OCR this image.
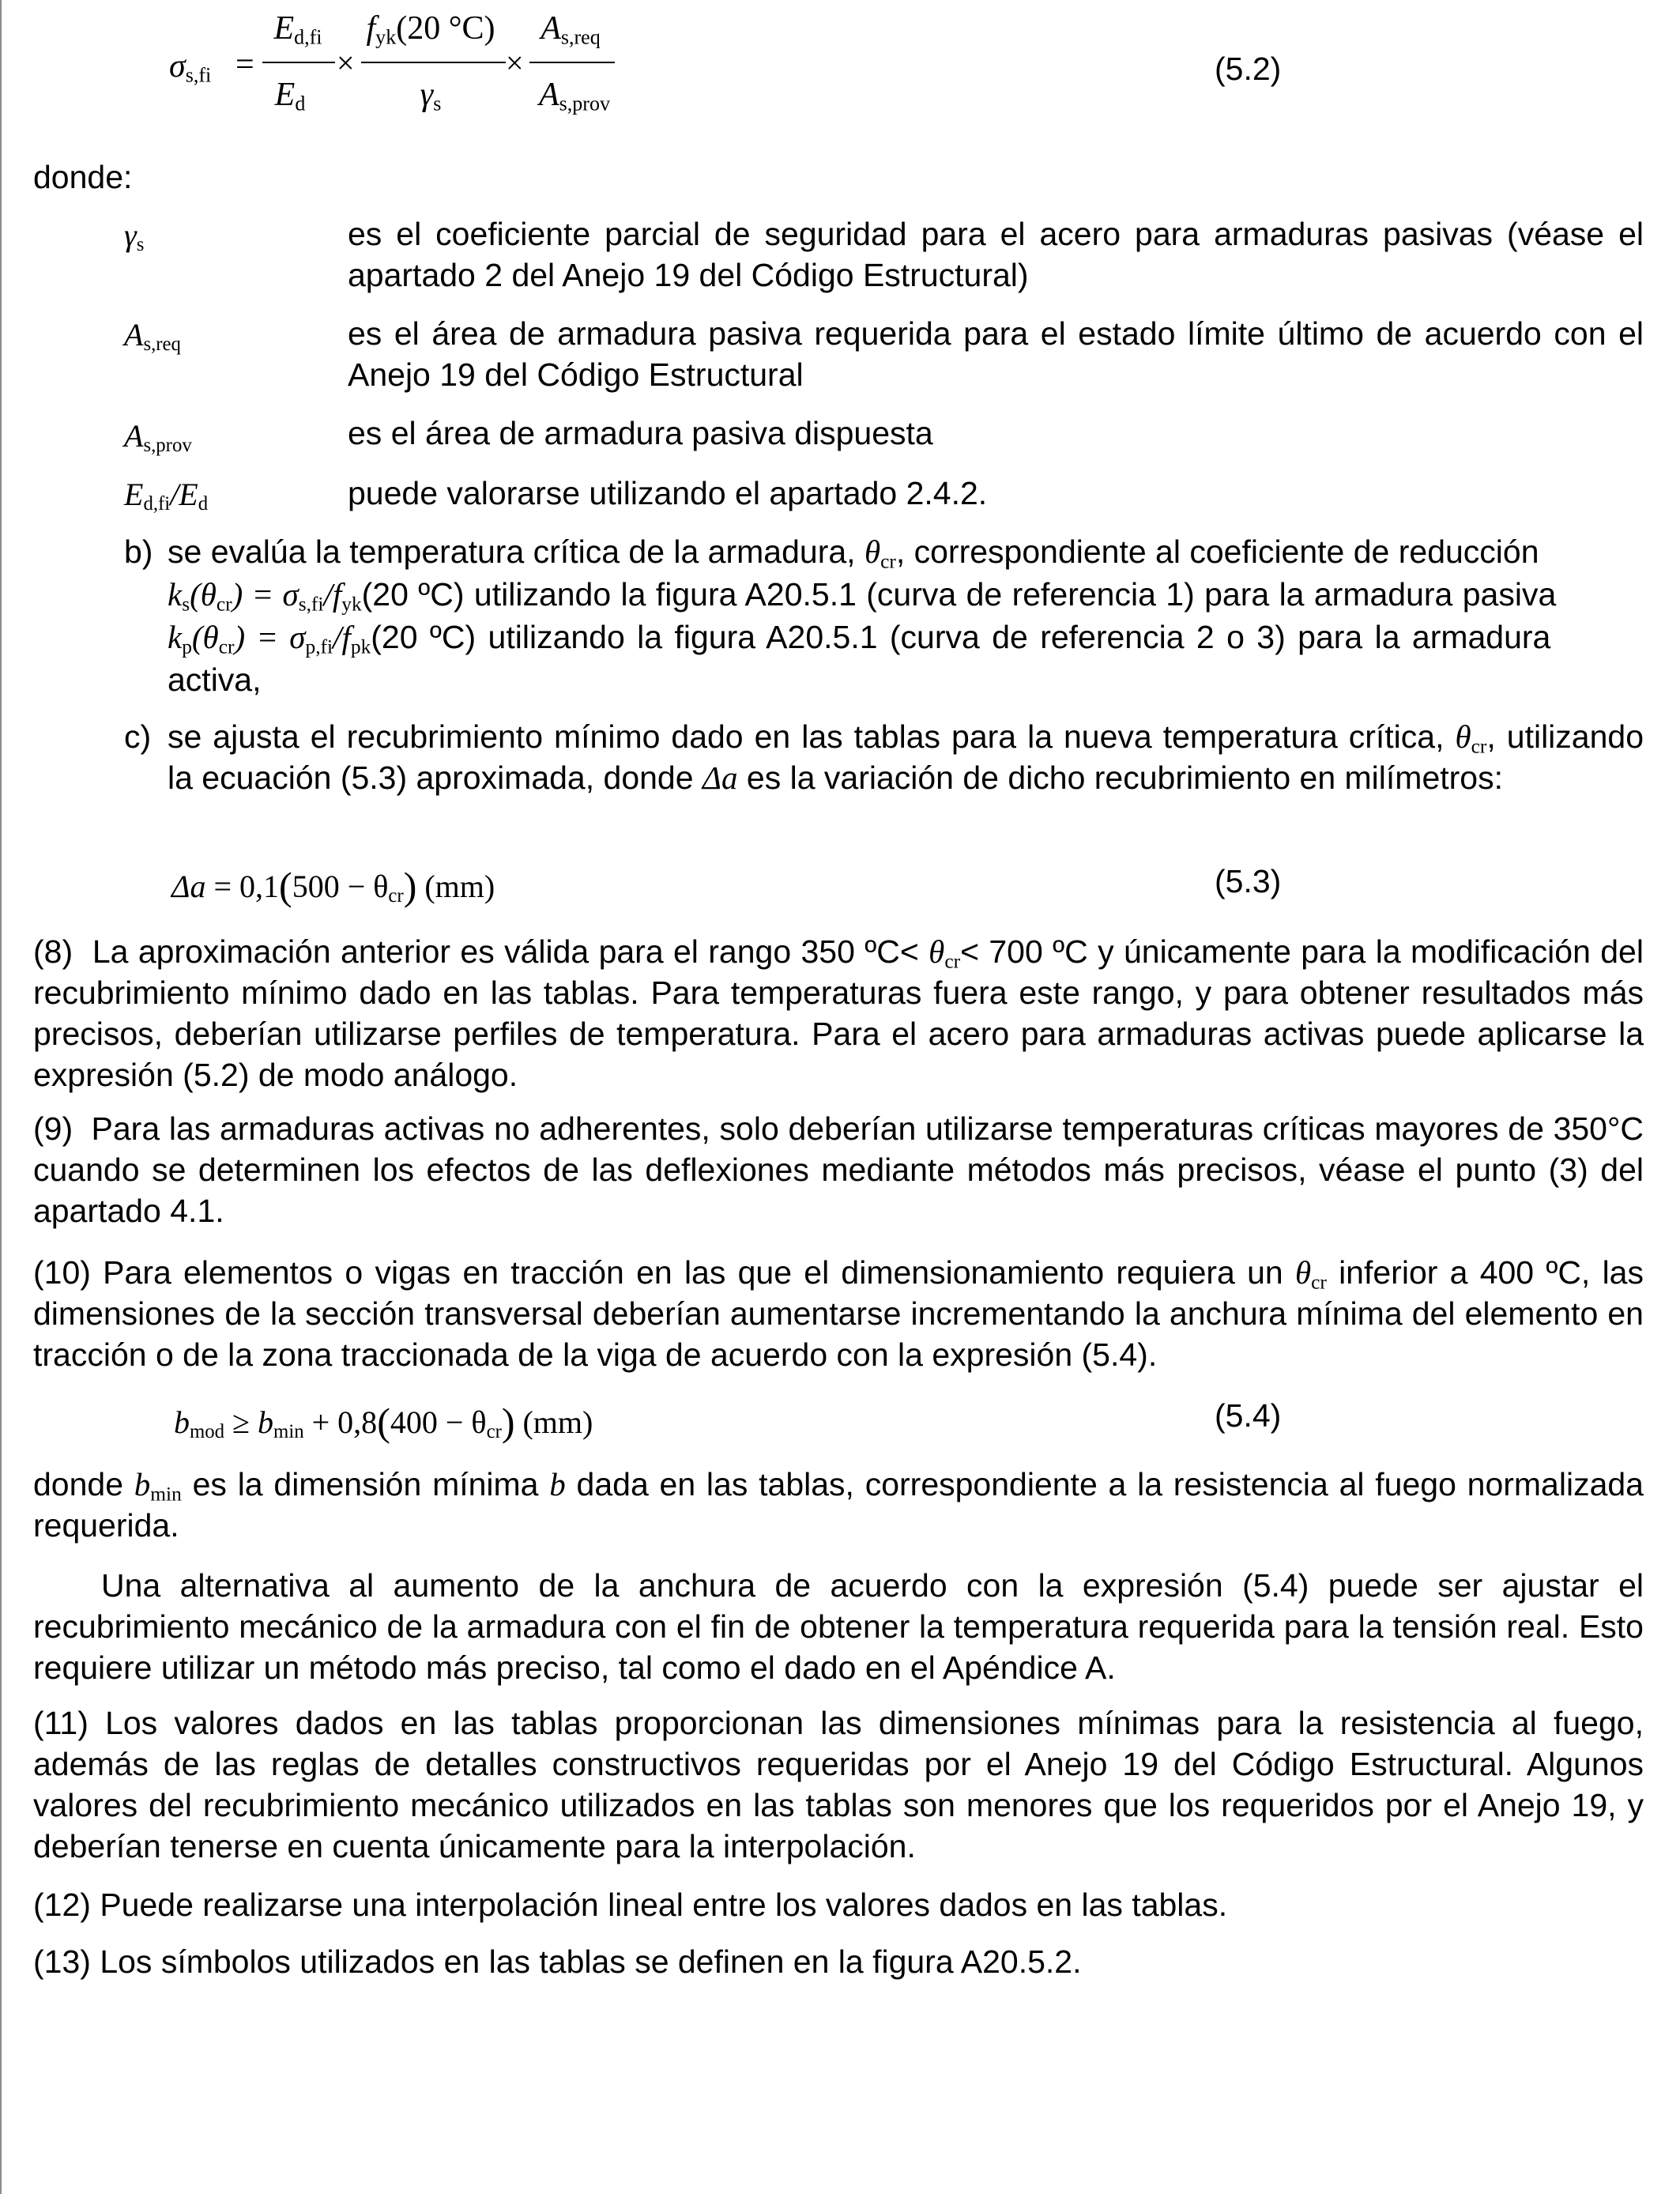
$\sigma_{s,fi}$ =
$E_{d,fi}$
$E_d$
×
$f_{yk}(20$ °C)
$\gamma_s$
×
$A_{s,req}$
$A_{s,prov}$
(5.2)
donde:
$\gamma_s$	es el coeficiente parcial de seguridad para el acero para armaduras pasivas (véase el apartado 2 del Anejo 19 del Código Estructural)
$A_{s,req}$	es el área de armadura pasiva requerida para el estado límite último de acuerdo con el Anejo 19 del Código Estructural
$A_{s,prov}$	es el área de armadura pasiva dispuesta
$E_{d,fi}/E_d$	puede valorarse utilizando el apartado 2.4.2.
b) se evalúa la temperatura crítica de la armadura, $\theta_{cr}$, correspondiente al coeficiente de reducción
$k_s(\theta_{cr}) = \sigma_{s,fi}/f_{yk}(20$ ºC) utilizando la figura A20.5.1 (curva de referencia 1) para la armadura pasiva
$k_p(\theta_{cr}) = \sigma_{p,fi}/f_{pk}(20$ ºC) utilizando la figura A20.5.1 (curva de referencia 2 o 3) para la armadura
activa,
c) se ajusta el recubrimiento mínimo dado en las tablas para la nueva temperatura crítica, $\theta_{cr}$, utilizando la ecuación (5.3) aproximada, donde Δa es la variación de dicho recubrimiento en milímetros:
$\Delta a = 0,1(500 - \theta_{cr})$ (mm)	(5.3)
(8) La aproximación anterior es válida para el rango 350 ºC< $\theta_{cr}< 700$ ºC y únicamente para la modificación del recubrimiento mínimo dado en las tablas. Para temperaturas fuera este rango, y para obtener resultados más precisos, deberían utilizarse perfiles de temperatura. Para el acero para armaduras activas puede aplicarse la expresión (5.2) de modo análogo.
(9) Para las armaduras activas no adherentes, solo deberían utilizarse temperaturas críticas mayores de 350°C cuando se determinen los efectos de las deflexiones mediante métodos más precisos, véase el punto (3) del apartado 4.1.
(10) Para elementos o vigas en tracción en las que el dimensionamiento requiera un $\theta_{cr}$ inferior a 400 ºC, las dimensiones de la sección transversal deberían aumentarse incrementando la anchura mínima del elemento en tracción o de la zona traccionada de la viga de acuerdo con la expresión (5.4).
$b_{mod} \ge b_{min} + 0,8(400 - \theta_{cr})$ (mm)	(5.4)
donde $b_{min}$ es la dimensión mínima b dada en las tablas, correspondiente a la resistencia al fuego normalizada requerida.
Una alternativa al aumento de la anchura de acuerdo con la expresión (5.4) puede ser ajustar el recubrimiento mecánico de la armadura con el fin de obtener la temperatura requerida para la tensión real. Esto requiere utilizar un método más preciso, tal como el dado en el Apéndice A.
(11) Los valores dados en las tablas proporcionan las dimensiones mínimas para la resistencia al fuego, además de las reglas de detalles constructivos requeridas por el Anejo 19 del Código Estructural. Algunos valores del recubrimiento mecánico utilizados en las tablas son menores que los requeridos por el Anejo 19, y deberían tenerse en cuenta únicamente para la interpolación.
(12) Puede realizarse una interpolación lineal entre los valores dados en las tablas.
(13) Los símbolos utilizados en las tablas se definen en la figura A20.5.2.
